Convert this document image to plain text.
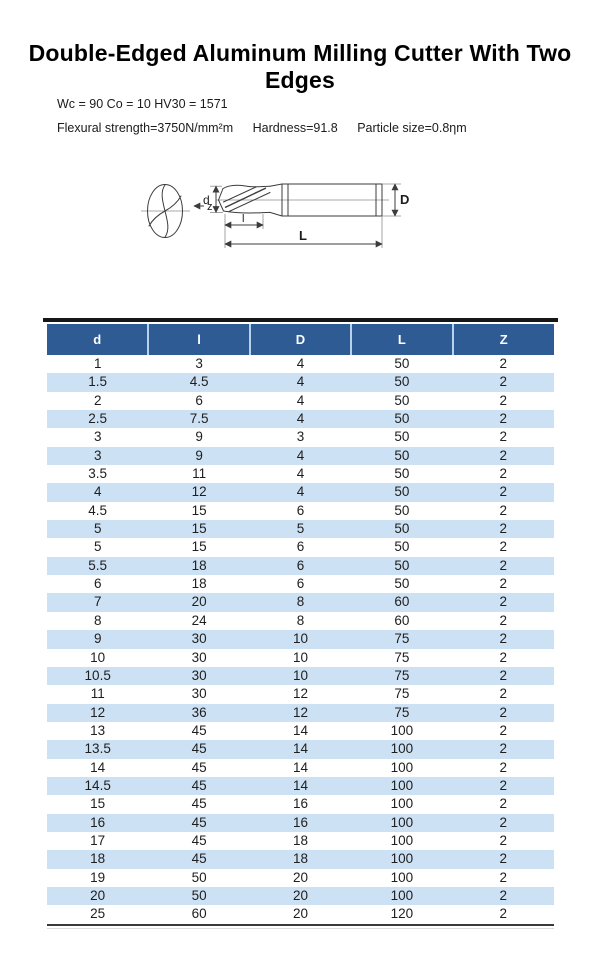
Double-Edged Aluminum Milling Cutter With Two Edges
Wc = 90 Co = 10 HV30 = 1571
Flexural strength=3750N/mm²m Hardness=91.8 Particle size=0.8ηm
z
d
l
L
D
d	l	D	L	Z
1	3	4	50	2
1.5	4.5	4	50	2
2	6	4	50	2
2.5	7.5	4	50	2
3	9	3	50	2
3	9	4	50	2
3.5	11	4	50	2
4	12	4	50	2
4.5	15	6	50	2
5	15	5	50	2
5	15	6	50	2
5.5	18	6	50	2
6	18	6	50	2
7	20	8	60	2
8	24	8	60	2
9	30	10	75	2
10	30	10	75	2
10.5	30	10	75	2
11	30	12	75	2
12	36	12	75	2
13	45	14	100	2
13.5	45	14	100	2
14	45	14	100	2
14.5	45	14	100	2
15	45	16	100	2
16	45	16	100	2
17	45	18	100	2
18	45	18	100	2
19	50	20	100	2
20	50	20	100	2
25	60	20	120	2
